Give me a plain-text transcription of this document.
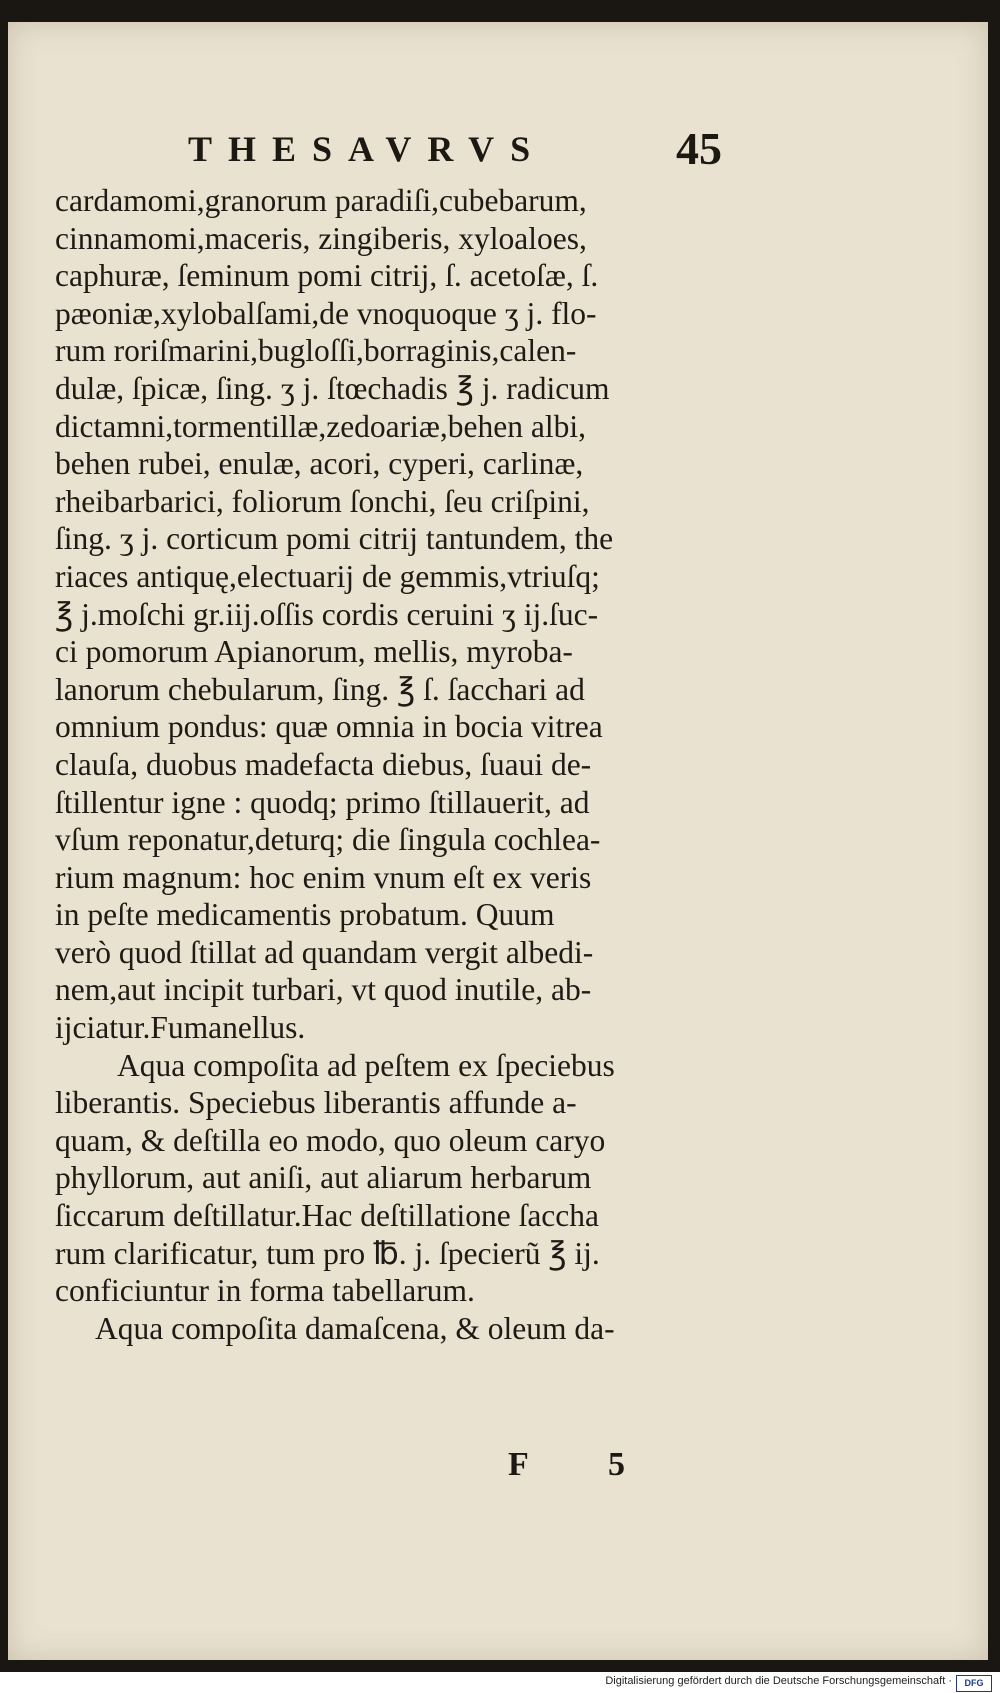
THESAVRVS	45
cardamomi,granorum paradiſi,cubebarum,
cinnamomi,maceris, zingiberis, xyloaloes,
caphuræ, ſeminum pomi citrij, ſ. acetoſæ, ſ.
pæoniæ,xylobalſami,de vnoquoque ʒ j. flo-
rum roriſmarini,bugloſſi,borraginis,calen-
dulæ, ſpicæ, ſing. ʒ j. ſtœchadis ℥ j. radicum
dictamni,tormentillæ,zedoariæ,behen albi,
behen rubei, enulæ, acori, cyperi, carlinæ,
rheibarbarici, foliorum ſonchi, ſeu criſpini,
ſing. ʒ j. corticum pomi citrij tantundem, the
riaces antiquę,electuarij de gemmis,vtriuſq;
℥ j.moſchi gr.iij.oſſis cordis ceruini ʒ ij.ſuc-
ci pomorum Apianorum, mellis, myroba-
lanorum chebularum, ſing. ℥ ſ. ſacchari ad
omnium pondus: quæ omnia in bocia vitrea
clauſa, duobus madefacta diebus, ſuaui de-
ſtillentur igne : quodq; primo ſtillauerit, ad
vſum reponatur,deturq; die ſingula cochlea-
rium magnum: hoc enim vnum eſt ex veris
in peſte medicamentis probatum. Quum
verò quod ſtillat ad quandam vergit albedi-
nem,aut incipit turbari, vt quod inutile, ab-
ijciatur.Fumanellus.
Aqua compoſita ad peſtem ex ſpeciebus
liberantis. Speciebus liberantis affunde a-
quam, & deſtilla eo modo, quo oleum caryo
phyllorum, aut aniſi, aut aliarum herbarum
ſiccarum deſtillatur.Hac deſtillatione ſaccha
rum clarificatur, tum pro ℔. j. ſpecierũ ℥ ij.
conficiuntur in forma tabellarum.
Aqua compoſita damaſcena, & oleum da-
F 5
Digitalisierung gefördert durch die Deutsche Forschungsgemeinschaft ·	DFG
